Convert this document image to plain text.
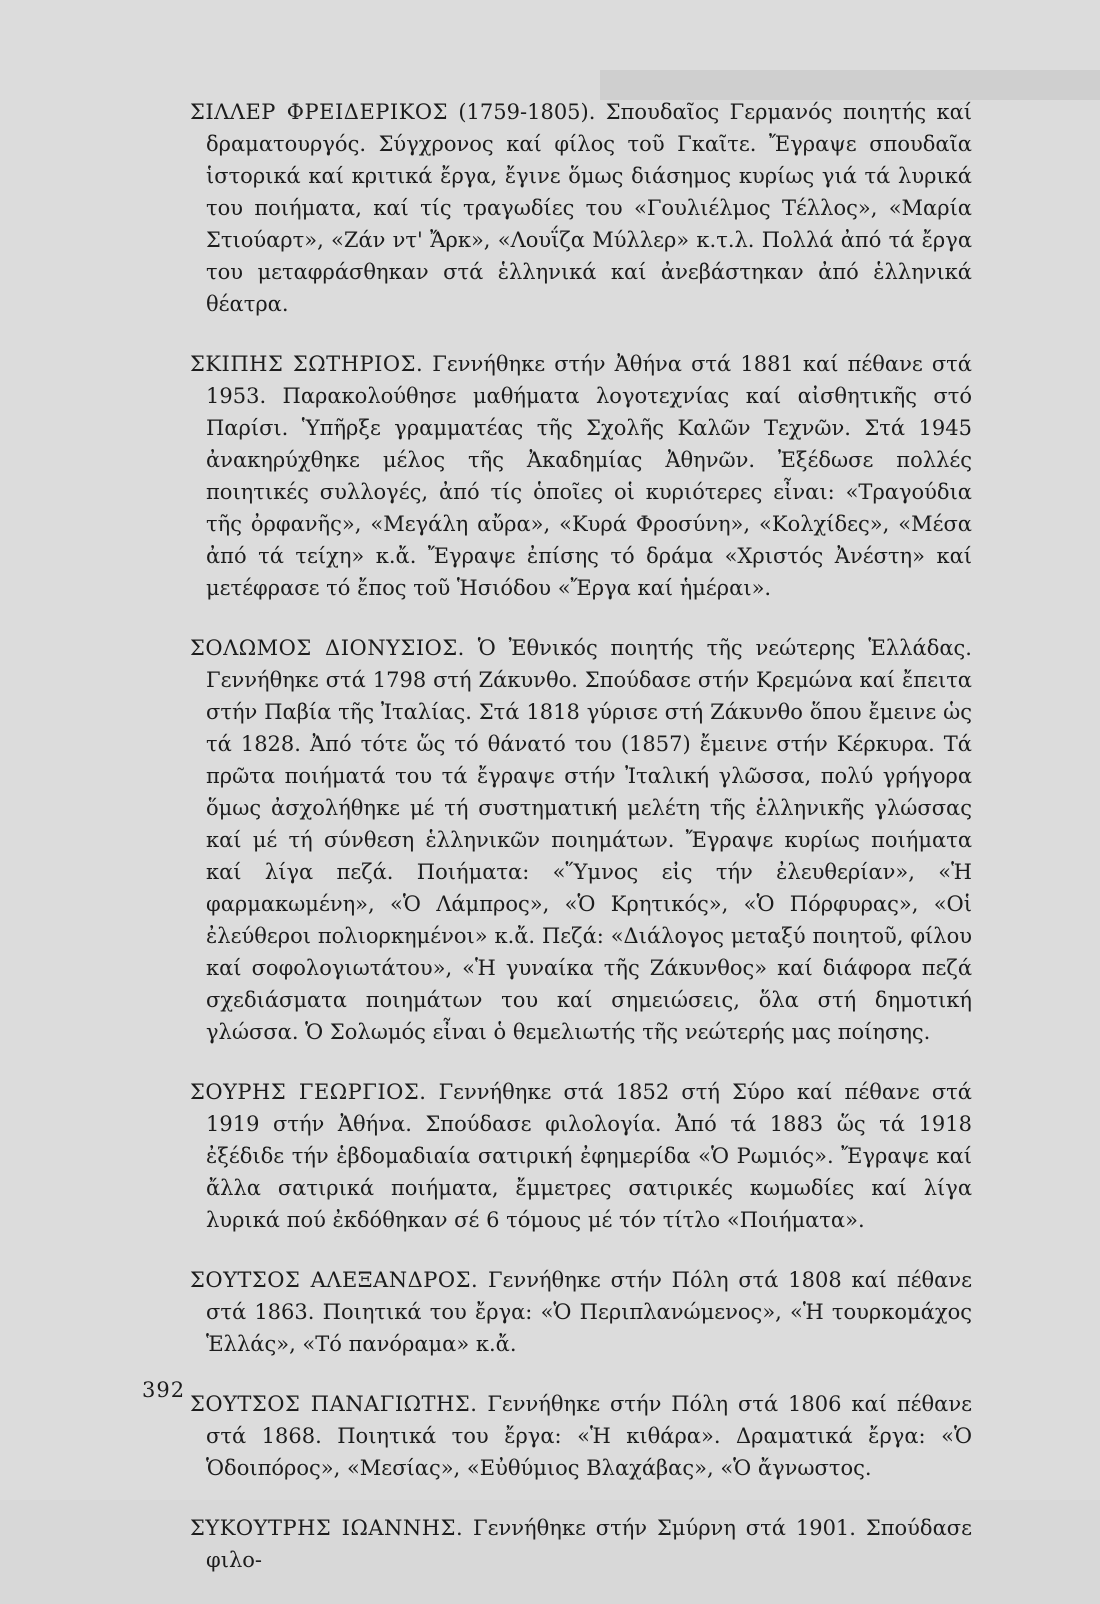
ΣΙΛΛΕΡ ΦΡΕΙΔΕΡΙΚΟΣ (1759-1805). Σπουδαῖος Γερμανός ποιητής καί δραματουργός. Σύγχρονος καί φίλος τοῦ Γκαῖτε. Ἔγραψε σπουδαῖα ἱστορικά καί κριτικά ἔργα, ἔγινε ὅμως διάσημος κυρίως γιά τά λυρικά του ποιήματα, καί τίς τραγωδίες του «Γουλιέλμος Τέλλος», «Μαρία Στιούαρτ», «Ζάν ντ' Ἄρκ», «Λουΐζα Μύλλερ» κ.τ.λ. Πολλά ἀπό τά ἔργα του μεταφράσθηκαν στά ἑλληνικά καί ἀνεβάστηκαν ἀπό ἑλληνικά θέατρα.

ΣΚΙΠΗΣ ΣΩΤΗΡΙΟΣ. Γεννήθηκε στήν Ἀθήνα στά 1881 καί πέθανε στά 1953. Παρακολούθησε μαθήματα λογοτεχνίας καί αἰσθητικῆς στό Παρίσι. Ὑπῆρξε γραμματέας τῆς Σχολῆς Καλῶν Τεχνῶν. Στά 1945 ἀνακηρύχθηκε μέλος τῆς Ἀκαδημίας Ἀθηνῶν. Ἐξέδωσε πολλές ποιητικές συλλογές, ἀπό τίς ὁποῖες οἱ κυριότερες εἶναι: «Τραγούδια τῆς ὀρφανῆς», «Μεγάλη αὔρα», «Κυρά Φροσύνη», «Κολχίδες», «Μέσα ἀπό τά τείχη» κ.ἄ. Ἔγραψε ἐπίσης τό δράμα «Χριστός Ἀνέστη» καί μετέφρασε τό ἔπος τοῦ Ἡσιόδου «Ἔργα καί ἡμέραι».

ΣΟΛΩΜΟΣ ΔΙΟΝΥΣΙΟΣ. Ὁ Ἐθνικός ποιητής τῆς νεώτερης Ἑλλάδας. Γεννήθηκε στά 1798 στή Ζάκυνθο. Σπούδασε στήν Κρεμώνα καί ἔπειτα στήν Παβία τῆς Ἰταλίας. Στά 1818 γύρισε στή Ζάκυνθο ὅπου ἔμεινε ὡς τά 1828. Ἀπό τότε ὥς τό θάνατό του (1857) ἔμεινε στήν Κέρκυρα. Τά πρῶτα ποιήματά του τά ἔγραψε στήν Ἰταλική γλῶσσα, πολύ γρήγορα ὅμως ἀσχολήθηκε μέ τή συστηματική μελέτη τῆς ἑλληνικῆς γλώσσας καί μέ τή σύνθεση ἑλληνικῶν ποιημάτων. Ἔγραψε κυρίως ποιήματα καί λίγα πεζά. Ποιήματα: «Ὕμνος εἰς τήν ἐλευθερίαν», «Ἡ φαρμακωμένη», «Ὁ Λάμπρος», «Ὁ Κρητικός», «Ὁ Πόρφυρας», «Οἱ ἐλεύθεροι πολιορκημένοι» κ.ἄ. Πεζά: «Διάλογος μεταξύ ποιητοῦ, φίλου καί σοφολογιωτάτου», «Ἡ γυναίκα τῆς Ζάκυνθος» καί διάφορα πεζά σχεδιάσματα ποιημάτων του καί σημειώσεις, ὅλα στή δημοτική γλώσσα. Ὁ Σολωμός εἶναι ὁ θεμελιωτής τῆς νεώτερής μας ποίησης.

ΣΟΥΡΗΣ ΓΕΩΡΓΙΟΣ. Γεννήθηκε στά 1852 στή Σύρο καί πέθανε στά 1919 στήν Ἀθήνα. Σπούδασε φιλολογία. Ἀπό τά 1883 ὥς τά 1918 ἐξέδιδε τήν ἑβδομαδιαία σατιρική ἐφημερίδα «Ὁ Ρωμιός». Ἔγραψε καί ἄλλα σατιρικά ποιήματα, ἔμμετρες σατιρικές κωμωδίες καί λίγα λυρικά πού ἐκδόθηκαν σέ 6 τόμους μέ τόν τίτλο «Ποιήματα».

ΣΟΥΤΣΟΣ ΑΛΕΞΑΝΔΡΟΣ. Γεννήθηκε στήν Πόλη στά 1808 καί πέθανε στά 1863. Ποιητικά του ἔργα: «Ὁ Περιπλανώμενος», «Ἡ τουρκομάχος Ἑλλάς», «Τό πανόραμα» κ.ἄ.

ΣΟΥΤΣΟΣ ΠΑΝΑΓΙΩΤΗΣ. Γεννήθηκε στήν Πόλη στά 1806 καί πέθανε στά 1868. Ποιητικά του ἔργα: «Ἡ κιθάρα». Δραματικά ἔργα: «Ὁ Ὁδοιπόρος», «Μεσίας», «Εὐθύμιος Βλαχάβας», «Ὁ ἄγνωστος.

ΣΥΚΟΥΤΡΗΣ ΙΩΑΝΝΗΣ. Γεννήθηκε στήν Σμύρνη στά 1901. Σπούδασε φιλο-

392
